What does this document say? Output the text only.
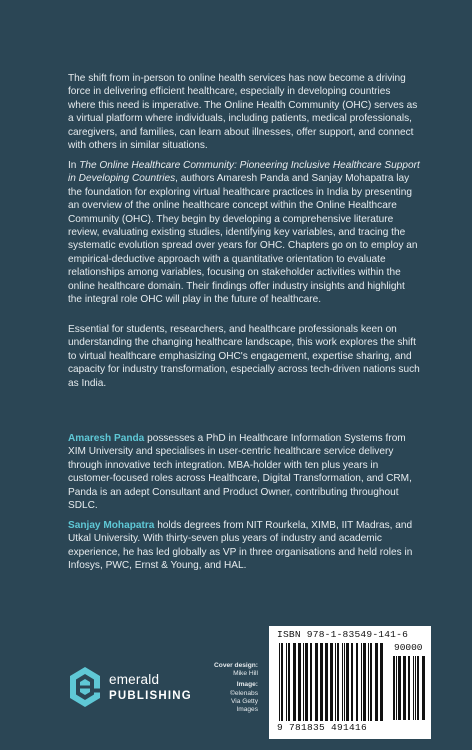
The shift from in-person to online health services has now become a driving force in delivering efficient healthcare, especially in developing countries where this need is imperative. The Online Health Community (OHC) serves as a virtual platform where individuals, including patients, medical professionals, caregivers, and families, can learn about illnesses, offer support, and connect with others in similar situations.

In The Online Healthcare Community: Pioneering Inclusive Healthcare Support in Developing Countries, authors Amaresh Panda and Sanjay Mohapatra lay the foundation for exploring virtual healthcare practices in India by presenting an overview of the online healthcare concept within the Online Healthcare Community (OHC). They begin by developing a comprehensive literature review, evaluating existing studies, identifying key variables, and tracing the systematic evolution spread over years for OHC. Chapters go on to employ an empirical-deductive approach with a quantitative orientation to evaluate relationships among variables, focusing on stakeholder activities within the online healthcare domain. Their findings offer industry insights and highlight the integral role OHC will play in the future of healthcare.

Essential for students, researchers, and healthcare professionals keen on understanding the changing healthcare landscape, this work explores the shift to virtual healthcare emphasizing OHC's engagement, expertise sharing, and capacity for industry transformation, especially across tech-driven nations such as India.

Amaresh Panda possesses a PhD in Healthcare Information Systems from XIM University and specialises in user-centric healthcare service delivery through innovative tech integration. MBA-holder with ten plus years in customer-focused roles across Healthcare, Digital Transformation, and CRM, Panda is an adept Consultant and Product Owner, contributing throughout SDLC.

Sanjay Mohapatra holds degrees from NIT Rourkela, XIMB, IIT Madras, and Utkal University. With thirty-seven plus years of industry and academic experience, he has led globally as VP in three organisations and held roles in Infosys, PWC, Ernst & Young, and HAL.

emerald
PUBLISHING
Cover design:
Mike Hill
Image:
©elenabs
Via Getty Images
ISBN 978-1-83549-141-6
90000
9 781835 491416
